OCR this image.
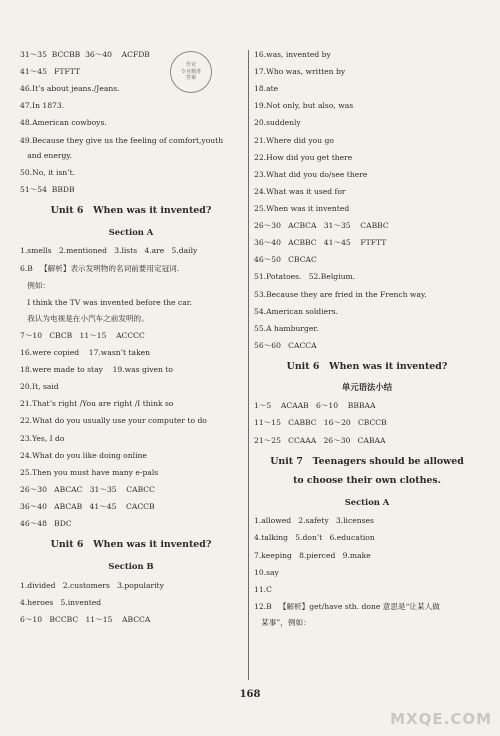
31～35  BCCBB  36～40    ACFDB
41～45   FTFTT
46.It’s about jeans./Jeans.
47.In 1873.
48.American cowboys.
49.Because they give us the feeling of comfort,youth
and energy.
50.No, it isn’t.
51～54  BBDB
Unit 6   When was it invented?
Section A
1.smells   2.mentioned   3.lists   4.are   5.daily
6.B   【解析】表示发明物的名词前要用定冠词.
例如：
I think the TV was invented before the car.
我认为电视是在小汽车之前发明的。
7～10   CBCB   11～15    ACCCC
16.were copied    17.wasn’t taken
18.were made to stay    19.was given to
20.It, said
21.That’s right /You are right /I think so
22.What do you usually use your computer to do
23.Yes, I do
24.What do you like doing online
25.Then you must have many e-pals
26～30   ABCAC   31～35    CABCC
36～40   ABCAB   41～45    CACCB
46～48   BDC
Unit 6   When was it invented?
Section B
1.divided   2.customers   3.popularity
4.heroes   5.invented
6～10   BCCBC   11～15    ABCCA
16.was, invented by
17.Who was, written by
18.ate
19.Not only, but also, was
20.suddenly
21.Where did you go
22.How did you get there
23.What did you do/see there
24.What was it used for
25.When was it invented
26～30   ACBCA   31～35    CABBC
36～40   ACBBC   41～45    FTFTT
46～50   CBCAC
51.Potatoes.   52.Belgium.
53.Because they are fried in the French way.
54.American soldiers.
55.A hamburger.
56～60   CACCA
Unit 6   When was it invented?
单元语法小结
1～5    ACAAB   6～10    BBBAA
11～15   CABBC   16～20   CBCCB
21～25   CCAAA   26～30   CABAA
Unit 7   Teenagers should be allowed
to choose their own clothes.
Section A
1.allowed   2.safety   3.licenses
4.talking   5.don’t   6.education
7.keeping   8.pierced   9.make
10.say
11.C
12.B   【解析】get/have sth. done 意思是“让某人做
某事”，例如：
作业
专业精准
答案
168
MXQE.COM
